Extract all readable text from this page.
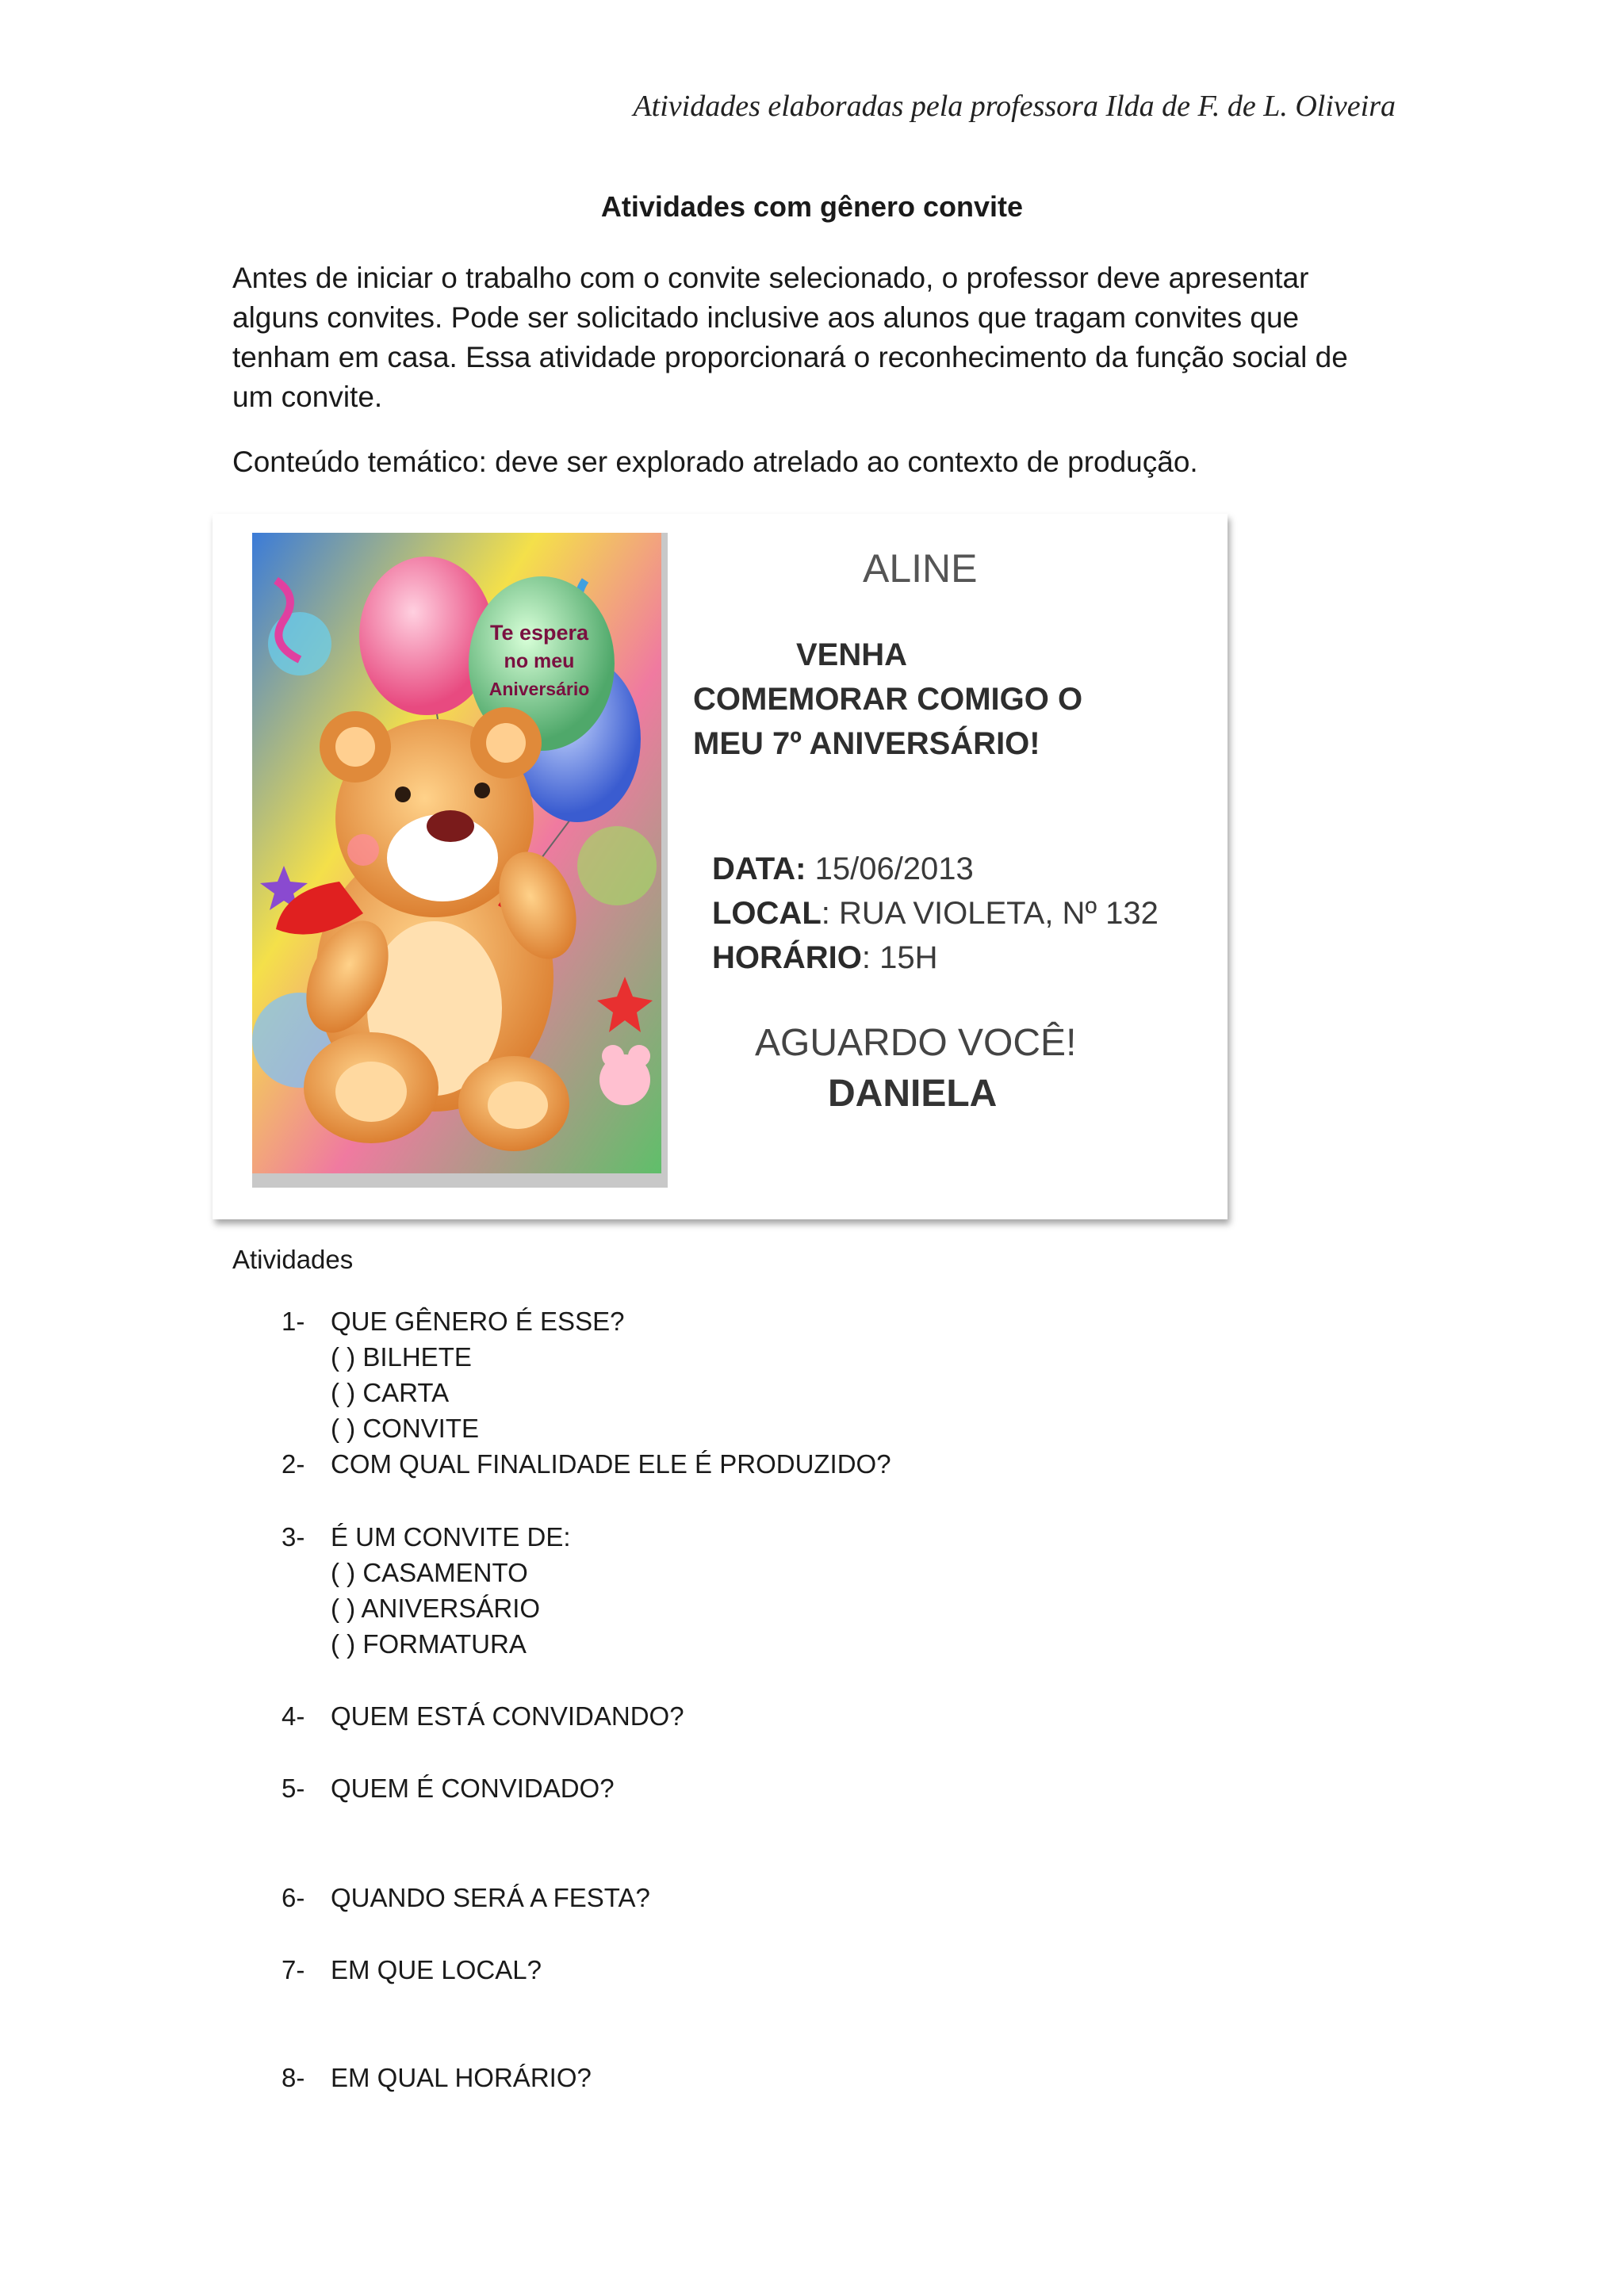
Atividades elaboradas pela professora Ilda de F. de L. Oliveira
Atividades com gênero convite

Antes de iniciar o trabalho com o convite selecionado, o professor deve apresentar
alguns convites. Pode ser solicitado inclusive aos alunos que tragam convites que
tenham em casa. Essa atividade proporcionará o reconhecimento da função social de
um convite.

Conteúdo temático: deve ser explorado atrelado ao contexto de produção.

Te espera
no meu
Aniversário
ALINE
VENHA
COMEMORAR COMIGO O
MEU 7º ANIVERSÁRIO!
DATA: 15/06/2013
LOCAL: RUA VIOLETA, Nº 132
HORÁRIO: 15H
AGUARDO VOCÊ!
DANIELA
Atividades
1- QUE GÊNERO É ESSE?
( ) BILHETE
( ) CARTA
( ) CONVITE
2- COM QUAL FINALIDADE ELE É PRODUZIDO?
3- É UM CONVITE DE:
( ) CASAMENTO
( ) ANIVERSÁRIO
( ) FORMATURA
4- QUEM ESTÁ CONVIDANDO?
5- QUEM É CONVIDADO?
6- QUANDO SERÁ A FESTA?
7- EM QUE LOCAL?
8- EM QUAL HORÁRIO?
